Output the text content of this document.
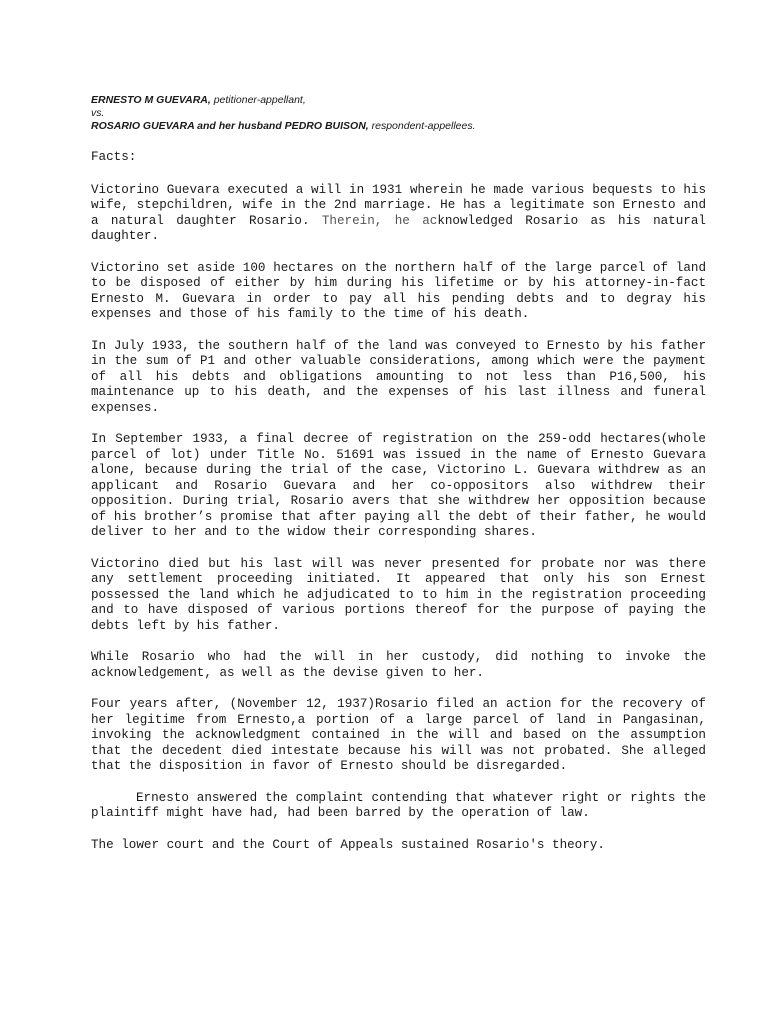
ERNESTO M GUEVARA, petitioner-appellant,
vs.
ROSARIO GUEVARA and her husband PEDRO BUISON, respondent-appellees.
Facts:

Victorino Guevara executed a will in 1931 wherein he made various bequests to his wife, stepchildren, wife in the 2nd marriage. He has a legitimate son Ernesto and a natural daughter Rosario. Therein, he acknowledged Rosario as his natural daughter.

Victorino set aside 100 hectares on the northern half of the large parcel of land to be disposed of either by him during his lifetime or by his attorney-in-fact Ernesto M. Guevara in order to pay all his pending debts and to degray his expenses and those of his family to the time of his death.

In July 1933, the southern half of the land was conveyed to Ernesto by his father in the sum of P1 and other valuable considerations, among which were the payment of all his debts and obligations amounting to not less than P16,500, his maintenance up to his death, and the expenses of his last illness and funeral expenses.

In September 1933, a final decree of registration on the 259-odd hectares(whole parcel of lot) under Title No. 51691 was issued in the name of Ernesto Guevara alone, because during the trial of the case, Victorino L. Guevara withdrew as an applicant and Rosario Guevara and her co-oppositors also withdrew their opposition. During trial, Rosario avers that she withdrew her opposition because of his brother’s promise that after paying all the debt of their father, he would deliver to her and to the widow their corresponding shares.

Victorino died but his last will was never presented for probate nor was there any settlement proceeding initiated. It appeared that only his son Ernest possessed the land which he adjudicated to to him in the registration proceeding and to have disposed of various portions thereof for the purpose of paying the debts left by his father.

While Rosario who had the will in her custody, did nothing to invoke the acknowledgement, as well as the devise given to her.

Four years after, (November 12, 1937)Rosario filed an action for the recovery of her legitime from Ernesto,a portion of a large parcel of land in Pangasinan, invoking the acknowledgment contained in the will and based on the assumption that the decedent died intestate because his will was not probated. She alleged that the disposition in favor of Ernesto should be disregarded.

Ernesto answered the complaint contending that whatever right or rights the plaintiff might have had, had been barred by the operation of law.

The lower court and the Court of Appeals sustained Rosario's theory.
